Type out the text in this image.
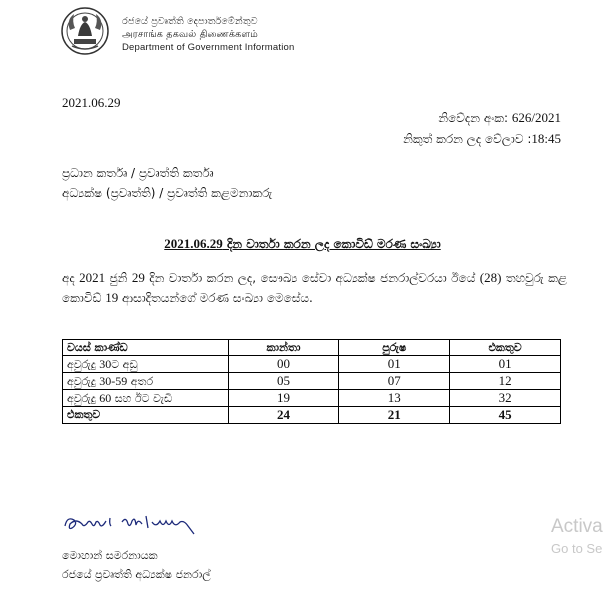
රජයේ ප්‍රවෘත්ති දෙපාර්තමේන්තුව
அரசாங்க தகவல் திணைக்களம்
Department of Government Information
2021.06.29
නිවේදන අංක: 626/2021
නිකුත් කරන ලද වේලාව :18:45
ප්‍රධාන කර්තෘ / ප්‍රවෘත්ති කර්තෘ
අධ්‍යක්ෂ (ප්‍රවෘත්ති) / ප්‍රවෘත්ති කළමනාකරු
2021.06.29 දින වාර්තා කරන ලද කොවිඩ් මරණ සංඛ්‍යා
අද 2021 ජුනි 29 දින වාර්තා කරන ලද, සෞඛ්‍ය සේවා අධ්‍යක්ෂ ජනරාල්වරයා ඊයේ (28) තහවුරු කළ කොවිඩ් 19 ආසාදිතයන්ගේ මරණ සංඛ්‍යා මෙසේය.
වයස් කාණ්ඩ	කාන්තා	පුරුෂ	එකතුව
අවුරුදු 30ට අඩු	00	01	01
අවුරුදු 30-59 අතර	05	07	12
අවුරුදු 60 සහ ඊට වැඩි	19	13	32
එකතුව	24	21	45
මොහාන් සමරනායක
රජයේ ප්‍රවෘත්ති අධ්‍යක්ෂ ජනරාල්
Activa
Go to Se
